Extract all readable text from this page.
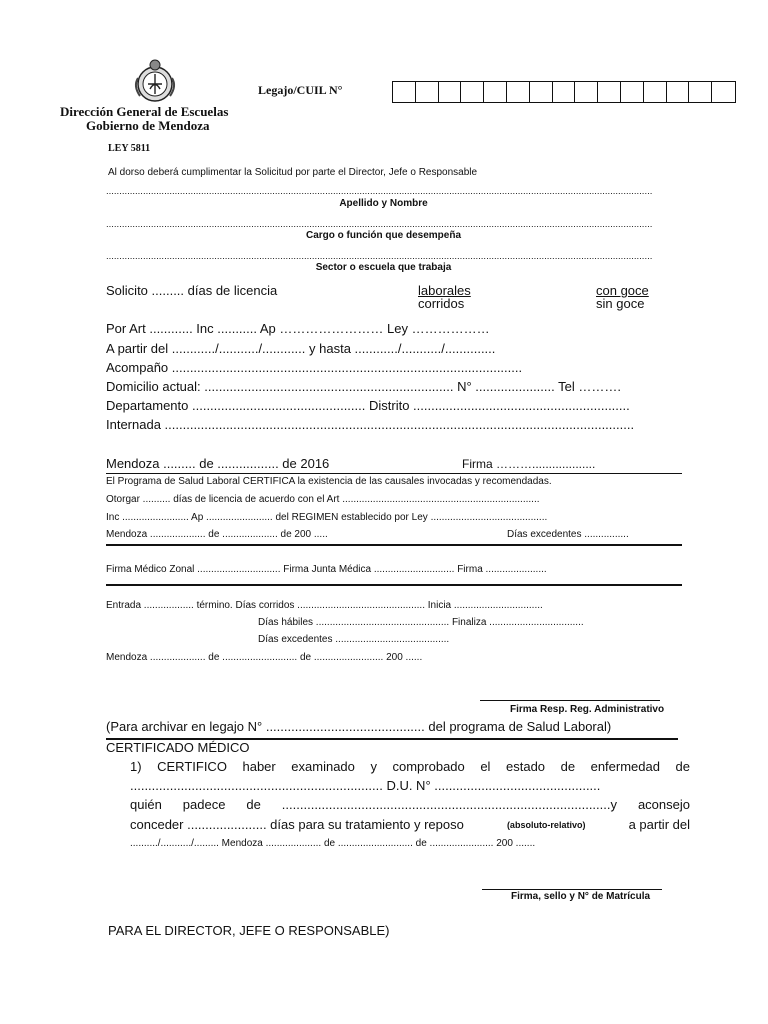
Legajo/CUIL N°
Dirección General de Escuelas
Gobierno de Mendoza
LEY 5811
Al dorso deberá cumplimentar la Solicitud por parte el Director, Jefe o Responsable
...............................................................................................................................................................................................................
Apellido y Nombre
...............................................................................................................................................................................................................
Cargo o función que desempeña
...............................................................................................................................................................................................................
Sector o escuela que trabaja
Solicito ......... días de licencia	laborales
corridos
con goce
sin goce
Por Art ............ Inc ........... Ap …………………… Ley ………………
A partir del ............/.........../............ y hasta ............/.........../..............
Acompaño .................................................................................................
Domicilio actual: ..................................................................... N° ...................... Tel ……….
Departamento ................................................ Distrito ............................................................
Internada ..................................................................................................................................
Mendoza ......... de ................. de 2016	Firma ………...................
El Programa de Salud Laboral CERTIFICA la existencia de las causales invocadas y recomendadas.
Otorgar .......... días de licencia de acuerdo con el Art .......................................................................
Inc ........................ Ap ........................ del REGIMEN establecido por Ley ..........................................
Mendoza .................... de .................... de 200 .....	Días excedentes ................
Firma Médico Zonal .............................. Firma Junta Médica ............................. Firma ......................
Entrada .................. término. Días corridos .............................................. Inicia ................................
Días hábiles ................................................ Finaliza ..................................
Días excedentes .........................................
Mendoza .................... de ........................... de ......................... 200 ......
Firma Resp. Reg. Administrativo
(Para archivar en legajo N° ............................................ del programa de Salud Laboral)
CERTIFICADO MÉDICO
1) CERTIFICO haber examinado y comprobado el estado de enfermedad de
...................................................................... D.U. N° ..............................................
quién padece de ...........................................................................................y aconsejo
conceder ...................... días para su tratamiento y reposo	(absoluto-relativo)	a partir del
........../.........../......... Mendoza .................... de ........................... de ....................... 200 .......
Firma, sello y N° de Matrícula
PARA EL DIRECTOR, JEFE O RESPONSABLE)
